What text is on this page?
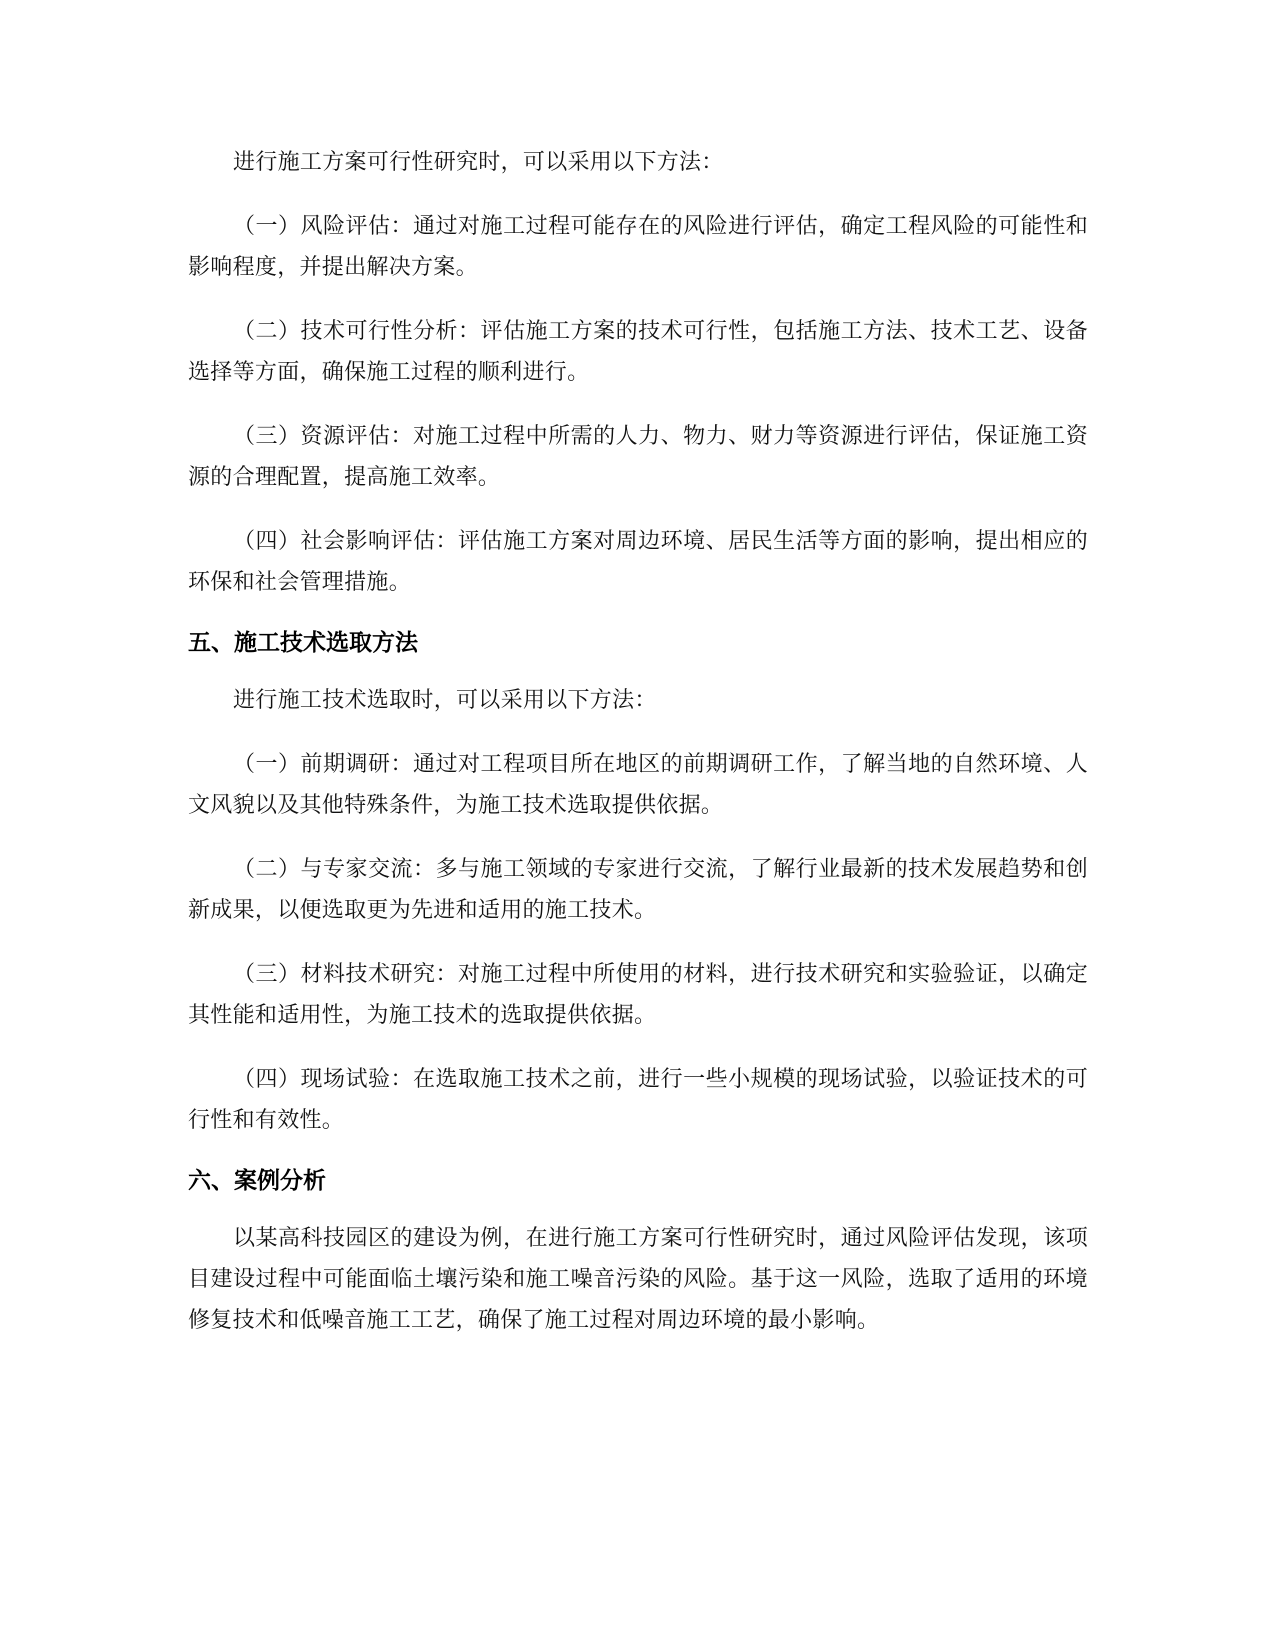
进行施工方案可行性研究时，可以采用以下方法：

（一）风险评估：通过对施工过程可能存在的风险进行评估，确定工程风险的可能性和影响程度，并提出解决方案。

（二）技术可行性分析：评估施工方案的技术可行性，包括施工方法、技术工艺、设备选择等方面，确保施工过程的顺利进行。

（三）资源评估：对施工过程中所需的人力、物力、财力等资源进行评估，保证施工资源的合理配置，提高施工效率。

（四）社会影响评估：评估施工方案对周边环境、居民生活等方面的影响，提出相应的环保和社会管理措施。

五、施工技术选取方法

进行施工技术选取时，可以采用以下方法：

（一）前期调研：通过对工程项目所在地区的前期调研工作，了解当地的自然环境、人文风貌以及其他特殊条件，为施工技术选取提供依据。

（二）与专家交流：多与施工领域的专家进行交流，了解行业最新的技术发展趋势和创新成果，以便选取更为先进和适用的施工技术。

（三）材料技术研究：对施工过程中所使用的材料，进行技术研究和实验验证，以确定其性能和适用性，为施工技术的选取提供依据。

（四）现场试验：在选取施工技术之前，进行一些小规模的现场试验，以验证技术的可行性和有效性。

六、案例分析

以某高科技园区的建设为例，在进行施工方案可行性研究时，通过风险评估发现，该项目建设过程中可能面临土壤污染和施工噪音污染的风险。基于这一风险，选取了适用的环境修复技术和低噪音施工工艺，确保了施工过程对周边环境的最小影响。
